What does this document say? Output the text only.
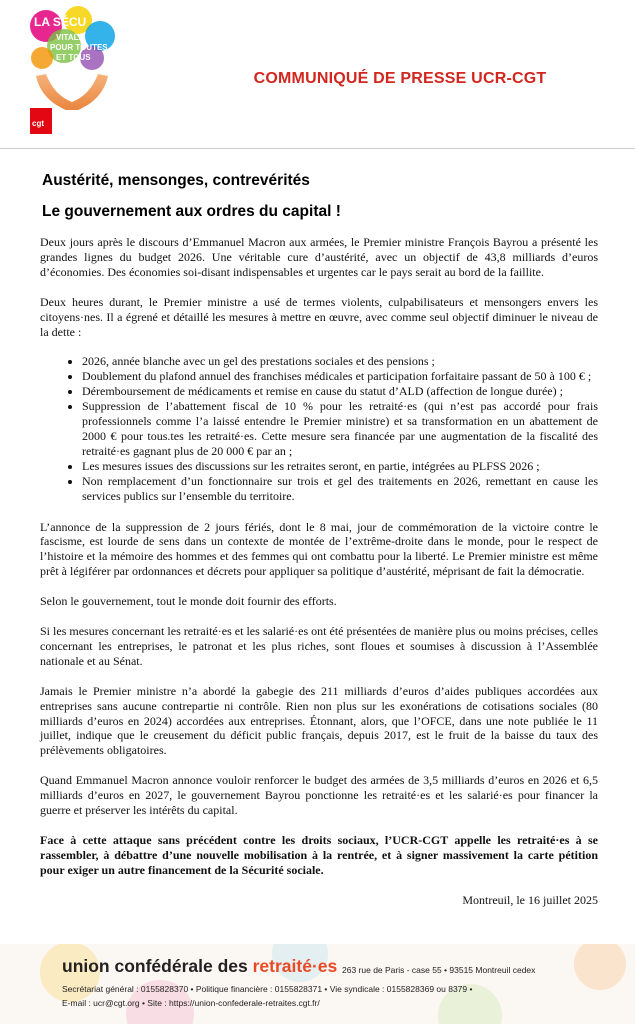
LA SÉCU
VITALE
POUR TOUTES
ET TOUS
cgt
COMMUNIQUÉ DE PRESSE UCR-CGT
Austérité, mensonges, contrevérités
Le gouvernement aux ordres du capital !

Deux jours après le discours d’Emmanuel Macron aux armées, le Premier ministre François Bayrou a présenté les grandes lignes du budget 2026. Une véritable cure d’austérité, avec un objectif de 43,8 milliards d’euros d’économies. Des économies soi-disant indispensables et urgentes car le pays serait au bord de la faillite.

Deux heures durant, le Premier ministre a usé de termes violents, culpabilisateurs et mensongers envers les citoyens·nes. Il a égrené et détaillé les mesures à mettre en œuvre, avec comme seul objectif diminuer le niveau de la dette :

• 2026, année blanche avec un gel des prestations sociales et des pensions ;
• Doublement du plafond annuel des franchises médicales et participation forfaitaire passant de 50 à 100 € ;
• Déremboursement de médicaments et remise en cause du statut d’ALD (affection de longue durée) ;
• Suppression de l’abattement fiscal de 10 % pour les retraité·es (qui n’est pas accordé pour frais professionnels comme l’a laissé entendre le Premier ministre) et sa transformation en un abattement de 2000 € pour tous.tes les retraité·es. Cette mesure sera financée par une augmentation de la fiscalité des retraité·es gagnant plus de 20 000 € par an ;
• Les mesures issues des discussions sur les retraites seront, en partie, intégrées au PLFSS 2026 ;
• Non remplacement d’un fonctionnaire sur trois et gel des traitements en 2026, remettant en cause les services publics sur l’ensemble du territoire.

L’annonce de la suppression de 2 jours fériés, dont le 8 mai, jour de commémoration de la victoire contre le fascisme, est lourde de sens dans un contexte de montée de l’extrême-droite dans le monde, pour le respect de l’histoire et la mémoire des hommes et des femmes qui ont combattu pour la liberté. Le Premier ministre est même prêt à légiférer par ordonnances et décrets pour appliquer sa politique d’austérité, méprisant de fait la démocratie.

Selon le gouvernement, tout le monde doit fournir des efforts.

Si les mesures concernant les retraité·es et les salarié·es ont été présentées de manière plus ou moins précises, celles concernant les entreprises, le patronat et les plus riches, sont floues et soumises à discussion à l’Assemblée nationale et au Sénat.

Jamais le Premier ministre n’a abordé la gabegie des 211 milliards d’euros d’aides publiques accordées aux entreprises sans aucune contrepartie ni contrôle. Rien non plus sur les exonérations de cotisations sociales (80 milliards d’euros en 2024) accordées aux entreprises. Étonnant, alors, que l’OFCE, dans une note publiée le 11 juillet, indique que le creusement du déficit public français, depuis 2017, est le fruit de la baisse du taux des prélèvements obligatoires.

Quand Emmanuel Macron annonce vouloir renforcer le budget des armées de 3,5 milliards d’euros en 2026 et 6,5 milliards d’euros en 2027, le gouvernement Bayrou ponctionne les retraité·es et les salarié·es pour financer la guerre et préserver les intérêts du capital.

Face à cette attaque sans précédent contre les droits sociaux, l’UCR-CGT appelle les retraité·es à se rassembler, à débattre d’une nouvelle mobilisation à la rentrée, et à signer massivement la carte pétition pour exiger un autre financement de la Sécurité sociale.

Montreuil, le 16 juillet 2025
union confédérale des retraité·es 263 rue de Paris - case 55 • 93515 Montreuil cedex
Secrétariat général : 0155828370 • Politique financière : 0155828371 • Vie syndicale : 0155828369 ou 8379 •
E-mail : ucr@cgt.org • Site : https://union-confederale-retraites.cgt.fr/
